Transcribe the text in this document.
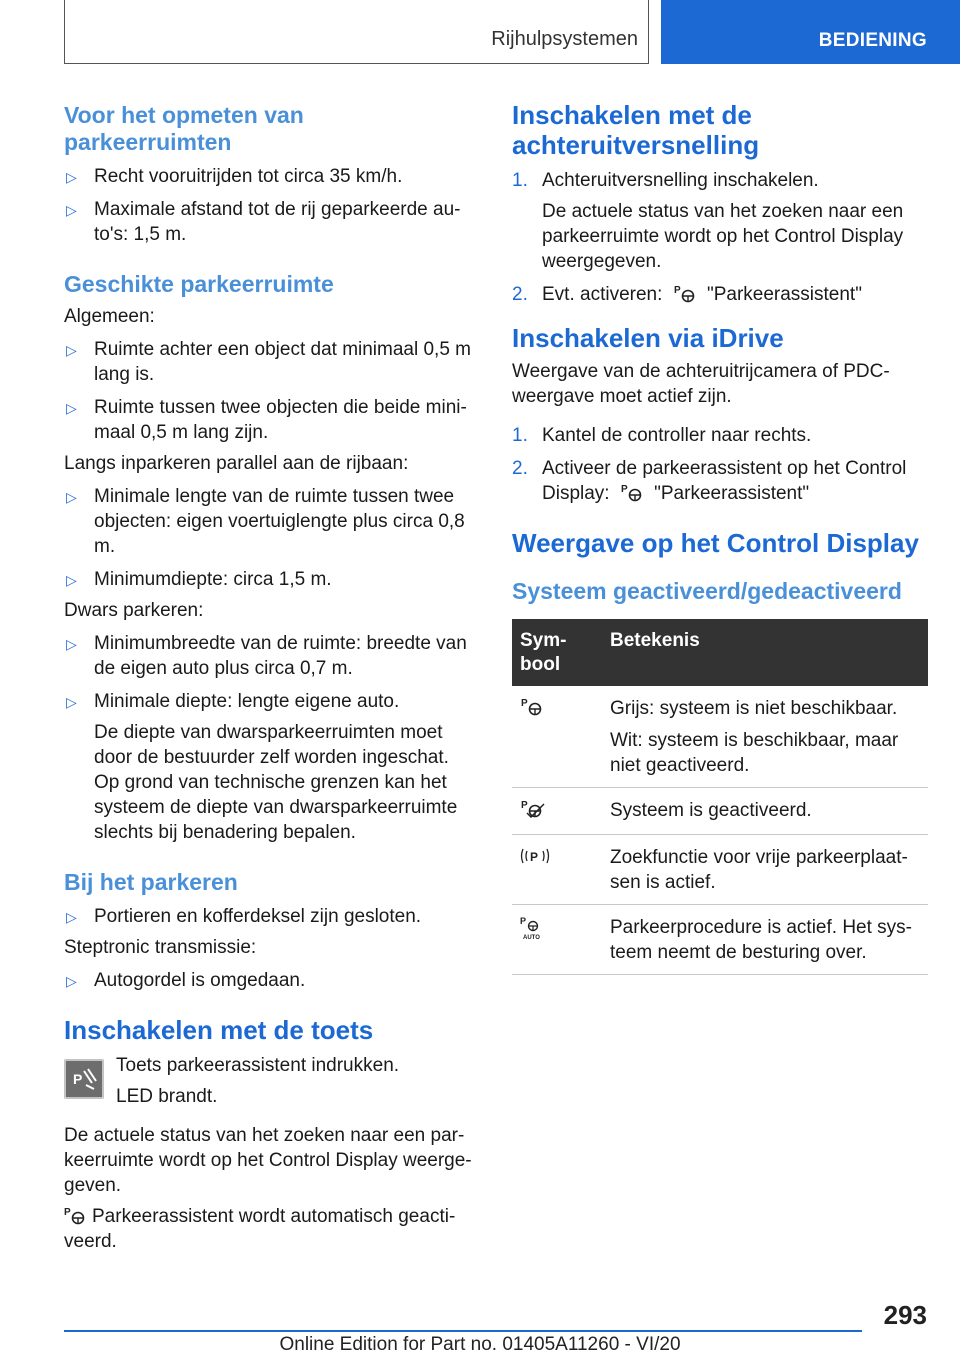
Rijhulpsystemen	BEDIENING
Voor het opmeten van parkeerruimten
▷ Recht vooruitrijden tot circa 35 km/h.
▷ Maximale afstand tot de rij geparkeerde au-to's: 1,5 m.
Geschikte parkeerruimte
Algemeen:
▷ Ruimte achter een object dat minimaal 0,5 m lang is.
▷ Ruimte tussen twee objecten die beide mini-maal 0,5 m lang zijn.
Langs inparkeren parallel aan de rijbaan:
▷ Minimale lengte van de ruimte tussen twee objecten: eigen voertuiglengte plus circa 0,8 m.
▷ Minimumdiepte: circa 1,5 m.
Dwars parkeren:
▷ Minimumbreedte van de ruimte: breedte van de eigen auto plus circa 0,7 m.
▷ Minimale diepte: lengte eigene auto.
De diepte van dwarsparkeerruimten moet door de bestuurder zelf worden ingeschat. Op grond van technische grenzen kan het systeem de diepte van dwarsparkeerruimte slechts bij benadering bepalen.
Bij het parkeren
▷ Portieren en kofferdeksel zijn gesloten.
Steptronic transmissie:
▷ Autogordel is omgedaan.
Inschakelen met de toets
P
Toets parkeerassistent indrukken.
LED brandt.
De actuele status van het zoeken naar een par-keerruimte wordt op het Control Display weerge-geven.
P Parkeerassistent wordt automatisch geacti-veerd.
Inschakelen met de achteruitversnelling
1. Achteruitversnelling inschakelen.
De actuele status van het zoeken naar een parkeerruimte wordt op het Control Display weergegeven.
2. Evt. activeren: P "Parkeerassistent"
Inschakelen via iDrive
Weergave van de achteruitrijcamera of PDC-weergave moet actief zijn.
1. Kantel de controller naar rechts.
2. Activeer de parkeerassistent op het Control Display: P "Parkeerassistent"
Weergave op het Control Display
Systeem geactiveerd/gedeactiveerd
Sym-bool	Betekenis

P	Grijs: systeem is niet beschikbaar.

Wit: systeem is beschikbaar, maar niet geactiveerd.

P	Systeem is geactiveerd.

P	Zoekfunctie voor vrije parkeerplaat-sen is actief.

P
AUTO	Parkeerprocedure is actief. Het sys-teem neemt de besturing over.

293
Online Edition for Part no. 01405A11260 - VI/20
